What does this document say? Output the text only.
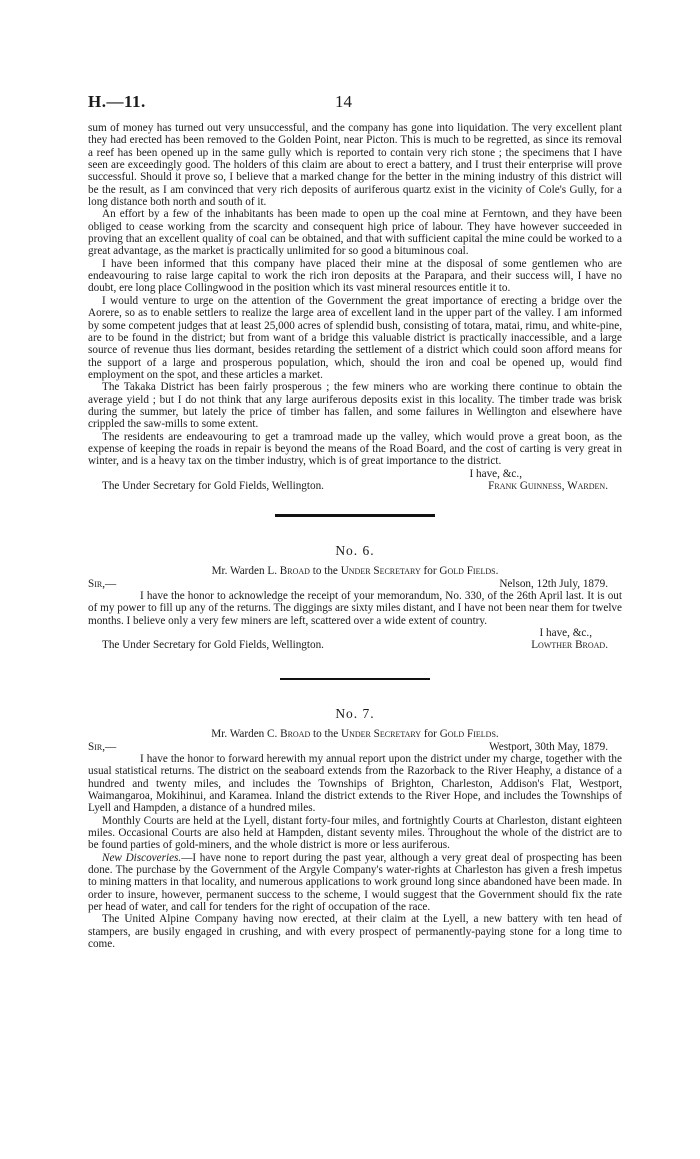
H.—11.	14

sum of money has turned out very unsuccessful, and the company has gone into liquidation. The very excellent plant they had erected has been removed to the Golden Point, near Picton. This is much to be regretted, as since its removal a reef has been opened up in the same gully which is reported to contain very rich stone ; the specimens that I have seen are exceedingly good. The holders of this claim are about to erect a battery, and I trust their enterprise will prove successful. Should it prove so, I believe that a marked change for the better in the mining industry of this district will be the result, as I am convinced that very rich deposits of auriferous quartz exist in the vicinity of Cole's Gully, for a long distance both north and south of it.

An effort by a few of the inhabitants has been made to open up the coal mine at Ferntown, and they have been obliged to cease working from the scarcity and consequent high price of labour. They have however succeeded in proving that an excellent quality of coal can be obtained, and that with sufficient capital the mine could be worked to a great advantage, as the market is practically unlimited for so good a bituminous coal.

I have been informed that this company have placed their mine at the disposal of some gentlemen who are endeavouring to raise large capital to work the rich iron deposits at the Parapara, and their success will, I have no doubt, ere long place Collingwood in the position which its vast mineral resources entitle it to.

I would venture to urge on the attention of the Government the great importance of erecting a bridge over the Aorere, so as to enable settlers to realize the large area of excellent land in the upper part of the valley. I am informed by some competent judges that at least 25,000 acres of splendid bush, consisting of totara, matai, rimu, and white-pine, are to be found in the district; but from want of a bridge this valuable district is practically inaccessible, and a large source of revenue thus lies dormant, besides retarding the settlement of a district which could soon afford means for the support of a large and prosperous population, which, should the iron and coal be opened up, would find employment on the spot, and these articles a market.

The Takaka District has been fairly prosperous ; the few miners who are working there continue to obtain the average yield ; but I do not think that any large auriferous deposits exist in this locality. The timber trade was brisk during the summer, but lately the price of timber has fallen, and some failures in Wellington and elsewhere have crippled the saw-mills to some extent.

The residents are endeavouring to get a tramroad made up the valley, which would prove a great boon, as the expense of keeping the roads in repair is beyond the means of the Road Board, and the cost of carting is very great in winter, and is a heavy tax on the timber industry, which is of great importance to the district.

I have, &c.,
The Under Secretary for Gold Fields, Wellington.	Frank Guinness, Warden.
No. 6.
Mr. Warden L. Broad to the Under Secretary for Gold Fields.
Sir,—	Nelson, 12th July, 1879.

I have the honor to acknowledge the receipt of your memorandum, No. 330, of the 26th April last. It is out of my power to fill up any of the returns. The diggings are sixty miles distant, and I have not been near them for twelve months. I believe only a very few miners are left, scattered over a wide extent of country.

I have, &c.,
The Under Secretary for Gold Fields, Wellington.	Lowther Broad.
No. 7.
Mr. Warden C. Broad to the Under Secretary for Gold Fields.
Sir,—	Westport, 30th May, 1879.

I have the honor to forward herewith my annual report upon the district under my charge, together with the usual statistical returns. The district on the seaboard extends from the Razorback to the River Heaphy, a distance of a hundred and twenty miles, and includes the Townships of Brighton, Charleston, Addison's Flat, Westport, Waimangaroa, Mokihinui, and Karamea. Inland the district extends to the River Hope, and includes the Townships of Lyell and Hampden, a distance of a hundred miles.

Monthly Courts are held at the Lyell, distant forty-four miles, and fortnightly Courts at Charleston, distant eighteen miles. Occasional Courts are also held at Hampden, distant seventy miles. Throughout the whole of the district are to be found parties of gold-miners, and the whole district is more or less auriferous.

New Discoveries.—I have none to report during the past year, although a very great deal of prospecting has been done. The purchase by the Government of the Argyle Company's water-rights at Charleston has given a fresh impetus to mining matters in that locality, and numerous applications to work ground long since abandoned have been made. In order to insure, however, permanent success to the scheme, I would suggest that the Government should fix the rate per head of water, and call for tenders for the right of occupation of the race.

The United Alpine Company having now erected, at their claim at the Lyell, a new battery with ten head of stampers, are busily engaged in crushing, and with every prospect of permanently-paying stone for a long time to come.
